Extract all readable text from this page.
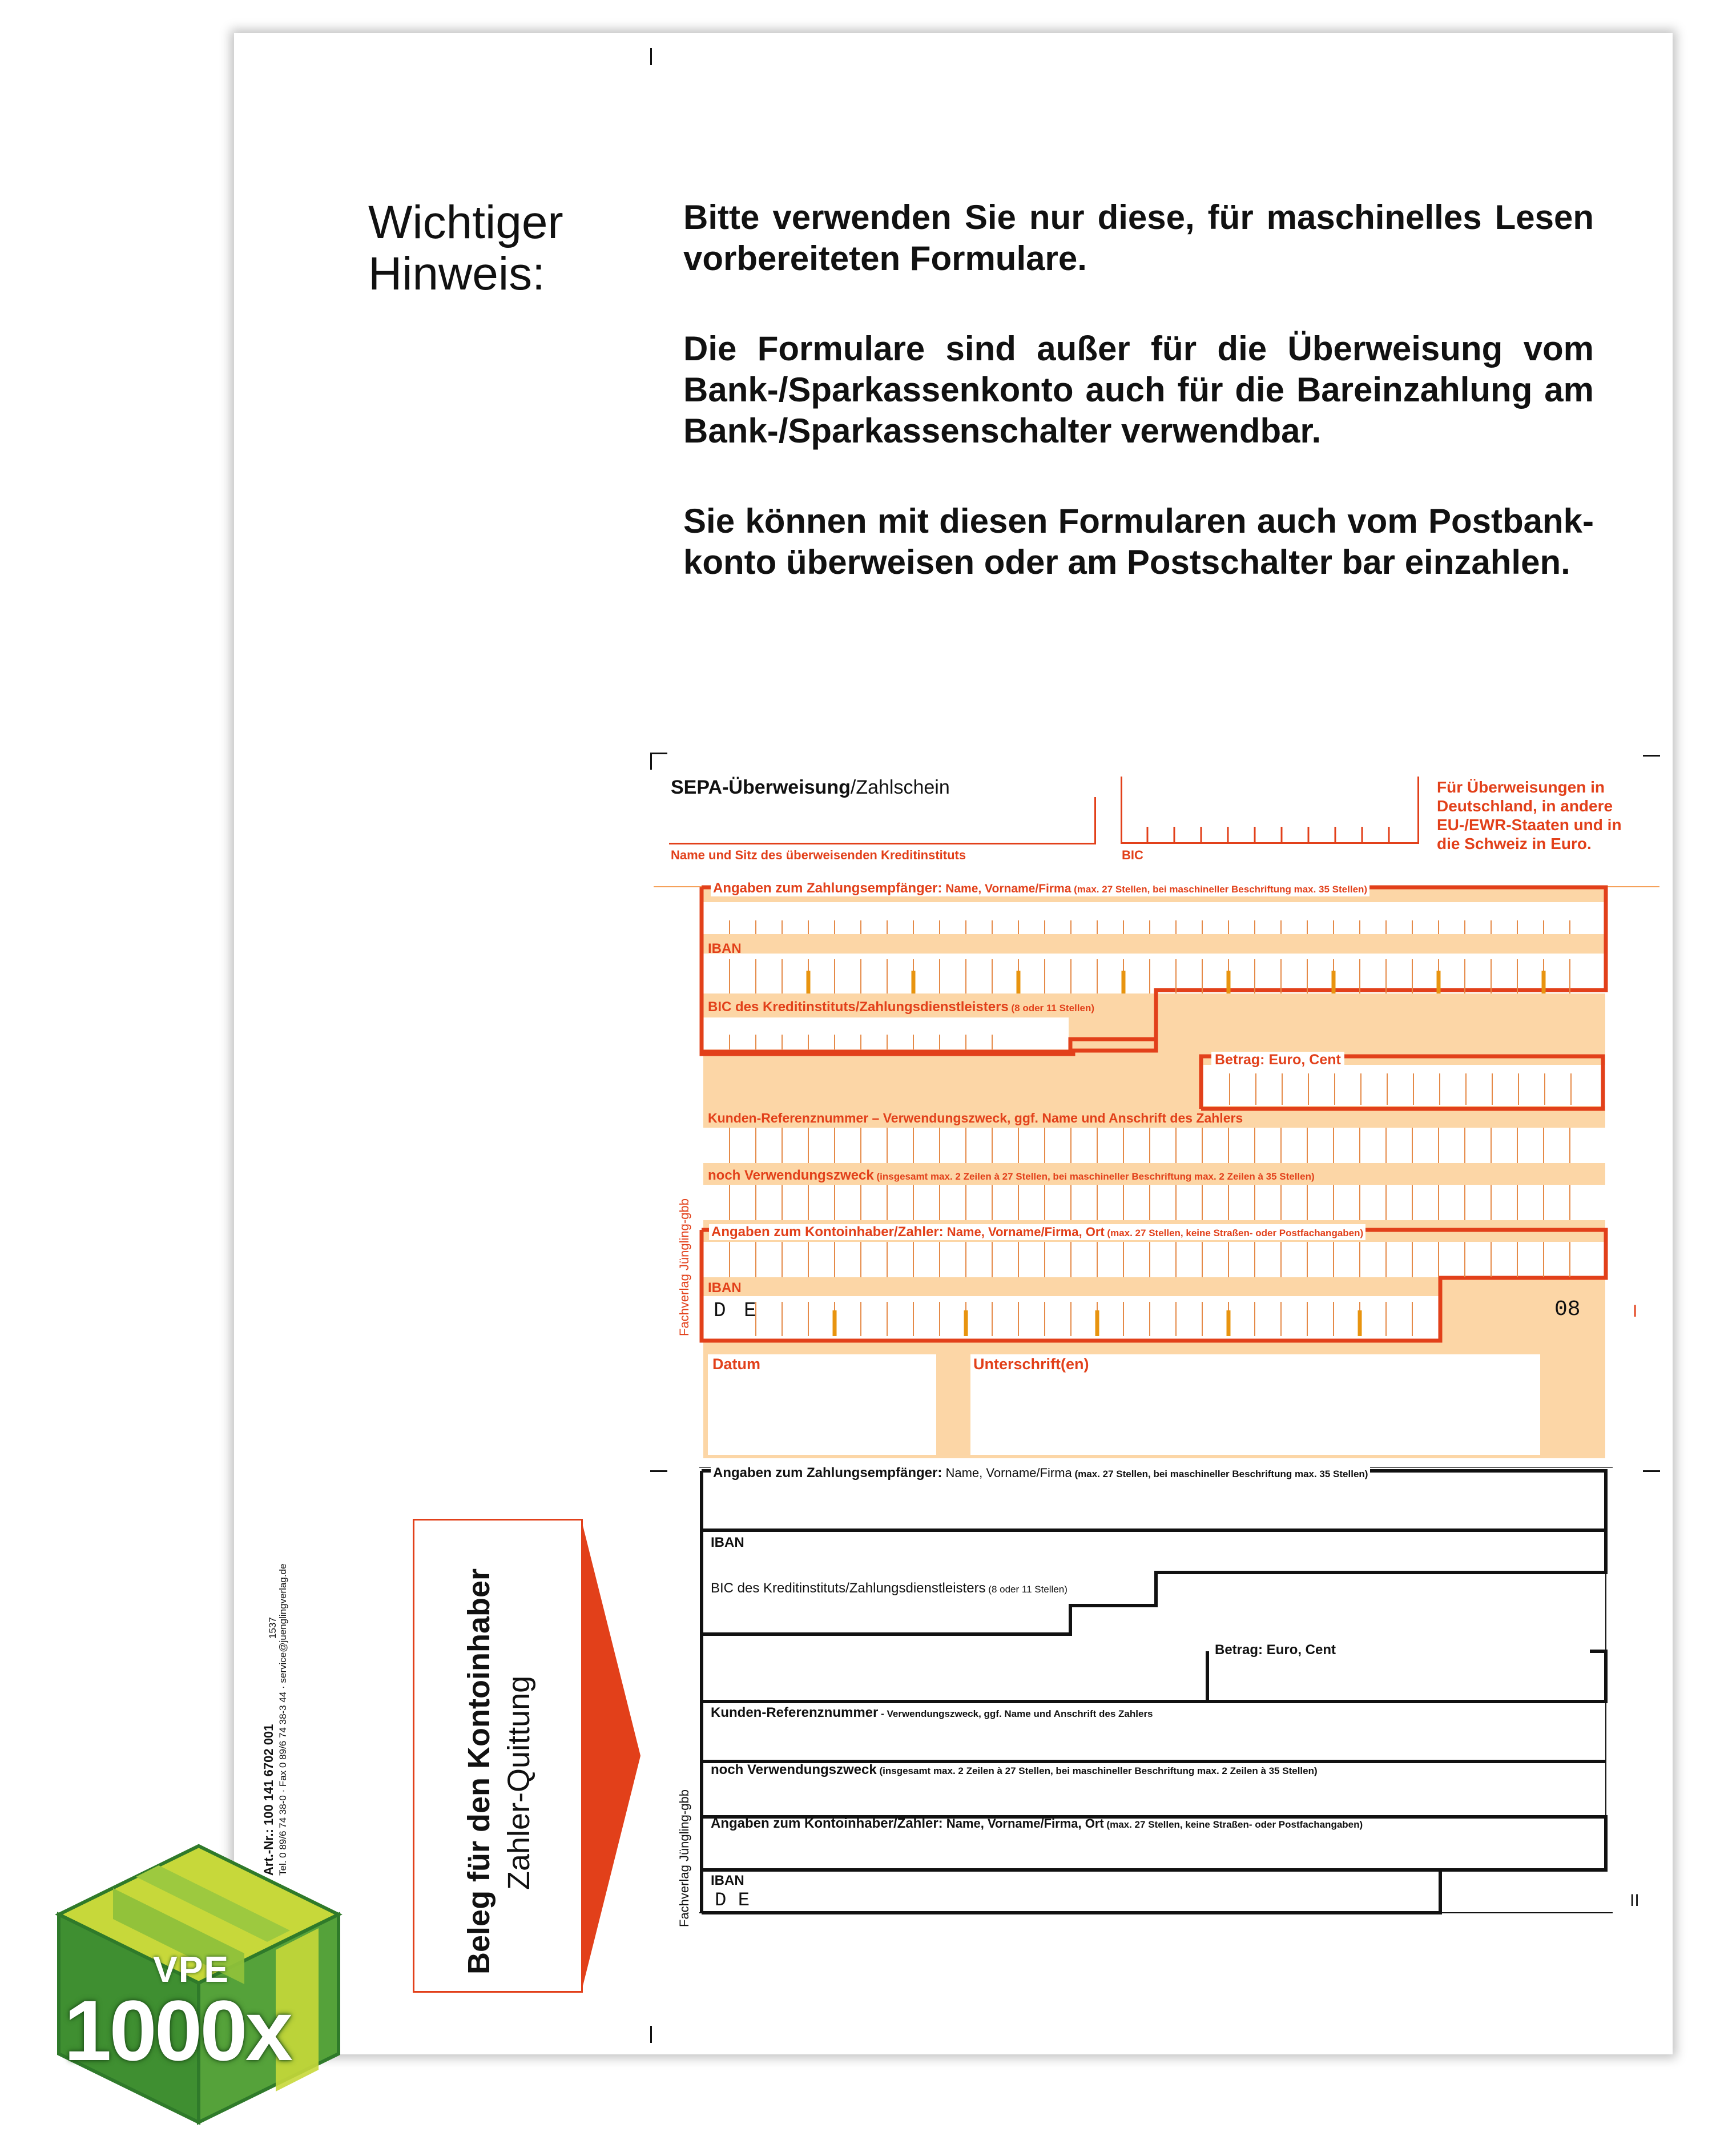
Wichtiger Hinweis:

Bitte verwenden Sie nur diese, für maschinelles Lesen vorbereiteten Formulare.

Die Formulare sind außer für die Überweisung vom Bank-/Sparkassenkonto auch für die Bareinzahlung am Bank-/Sparkassenschalter verwendbar.

Sie können mit diesen Formularen auch vom Postbank-konto überweisen oder am Postschalter bar einzahlen.

SEPA-Überweisung/Zahlschein
Name und Sitz des überweisenden Kreditinstituts	BIC
Für Überweisungen in Deutschland, in andere EU-/EWR-Staaten und in die Schweiz in Euro.
Angaben zum Zahlungsempfänger: Name, Vorname/Firma (max. 27 Stellen, bei maschineller Beschriftung max. 35 Stellen)
IBAN
BIC des Kreditinstituts/Zahlungsdienstleisters (8 oder 11 Stellen)
Betrag: Euro, Cent
Kunden-Referenznummer – Verwendungszweck, ggf. Name und Anschrift des Zahlers
noch Verwendungszweck (insgesamt max. 2 Zeilen à 27 Stellen, bei maschineller Beschriftung max. 2 Zeilen à 35 Stellen)
Angaben zum Kontoinhaber/Zahler: Name, Vorname/Firma, Ort (max. 27 Stellen, keine Straßen- oder Postfachangaben)
IBAN
D E	08	I
Datum	Unterschrift(en)
Fachverlag Jüngling-gbb
Angaben zum Zahlungsempfänger: Name, Vorname/Firma (max. 27 Stellen, bei maschineller Beschriftung max. 35 Stellen)
IBAN
BIC des Kreditinstituts/Zahlungsdienstleisters (8 oder 11 Stellen)
Betrag: Euro, Cent
Kunden-Referenznummer - Verwendungszweck, ggf. Name und Anschrift des Zahlers
noch Verwendungszweck (insgesamt max. 2 Zeilen à 27 Stellen, bei maschineller Beschriftung max. 2 Zeilen à 35 Stellen)
Angaben zum Kontoinhaber/Zahler: Name, Vorname/Firma, Ort (max. 27 Stellen, keine Straßen- oder Postfachangaben)
IBAN
D E	II
Fachverlag Jüngling-gbb
Beleg für den Kontoinhaber Zahler-Quittung
Art.-Nr.: 100 141 6702 001 Tel. 0 89/6 74 38-0 · Fax 0 89/6 74 38-3 44 · service@juenglingverlag.de
1537
VPE
1000x
